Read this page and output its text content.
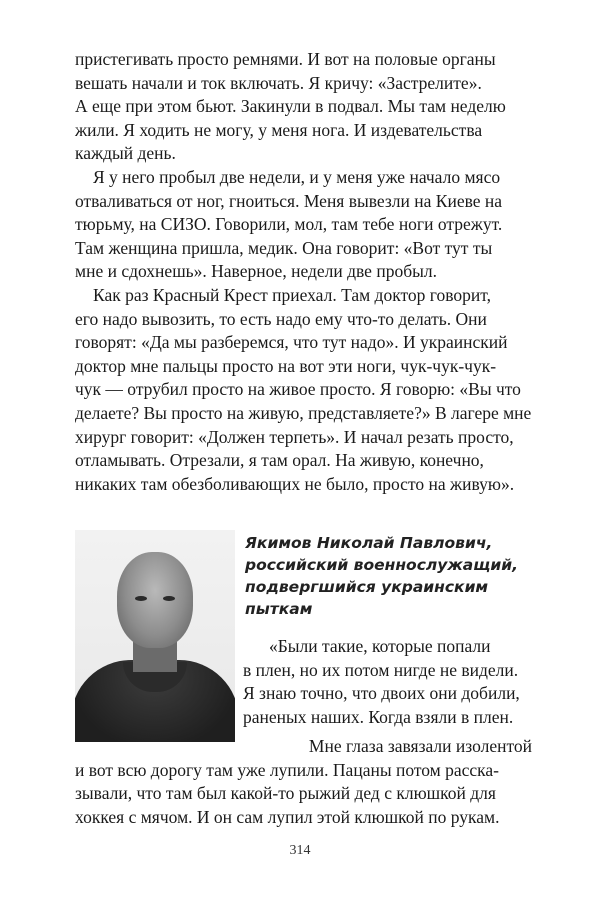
пристегивать просто ремнями. И вот на половые органы
вешать начали и ток включать. Я кричу: «Застрелите».
А еще при этом бьют. Закинули в подвал. Мы там неделю
жили. Я ходить не могу, у меня нога. И издевательства
каждый день.
Я у него пробыл две недели, и у меня уже начало мясо
отваливаться от ног, гноиться. Меня вывезли на Киеве на
тюрьму, на СИЗО. Говорили, мол, там тебе ноги отрежут.
Там женщина пришла, медик. Она говорит: «Вот тут ты
мне и сдохнешь». Наверное, недели две пробыл.
Как раз Красный Крест приехал. Там доктор говорит,
его надо вывозить, то есть надо ему что-то делать. Они
говорят: «Да мы разберемся, что тут надо». И украинский
доктор мне пальцы просто на вот эти ноги, чук-чук-чук-
чук — отрубил просто на живое просто. Я говорю: «Вы что
делаете? Вы просто на живую, представляете?» В лагере мне
хирург говорит: «Должен терпеть». И начал резать просто,
отламывать. Отрезали, я там орал. На живую, конечно,
никаких там обезболивающих не было, просто на живую».
Якимов Николай Павлович,
российский военнослужащий,
подвергшийся украинским
пыткам
«Были такие, которые попали
в плен, но их потом нигде не видели.
Я знаю точно, что двоих они добили,
раненых наших. Когда взяли в плен.
Мне глаза завязали изолентой
и вот всю дорогу там уже лупили. Пацаны потом расска-
зывали, что там был какой-то рыжий дед с клюшкой для
хоккея с мячом. И он сам лупил этой клюшкой по рукам.
314
